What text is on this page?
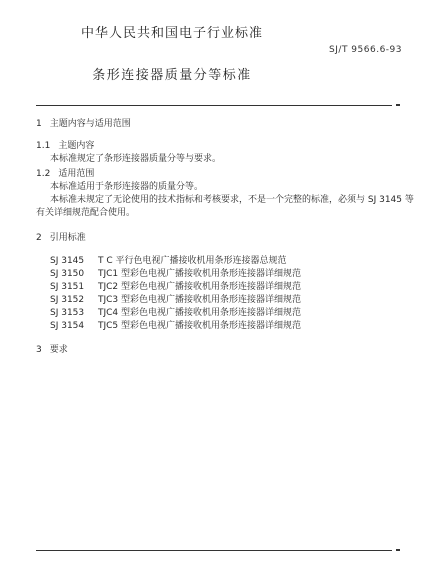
中华人民共和国电子行业标准
SJ/T 9566.6-93
条形连接器质量分等标准
1 主题内容与适用范围
1.1 主题内容
本标准规定了条形连接器质量分等与要求。
1.2 适用范围
本标准适用于条形连接器的质量分等。
本标准未规定了无论使用的技术指标和考核要求，不是一个完整的标准，必须与 SJ 3145 等
有关详细规范配合使用。
2 引用标准
SJ 3145 T C 平行色电视广播接收机用条形连接器总规范
SJ 3150 TJC1 型彩色电视广播接收机用条形连接器详细规范
SJ 3151 TJC2 型彩色电视广播接收机用条形连接器详细规范
SJ 3152 TJC3 型彩色电视广播接收机用条形连接器详细规范
SJ 3153 TJC4 型彩色电视广播接收机用条形连接器详细规范
SJ 3154 TJC5 型彩色电视广播接收机用条形连接器详细规范
3 要求
